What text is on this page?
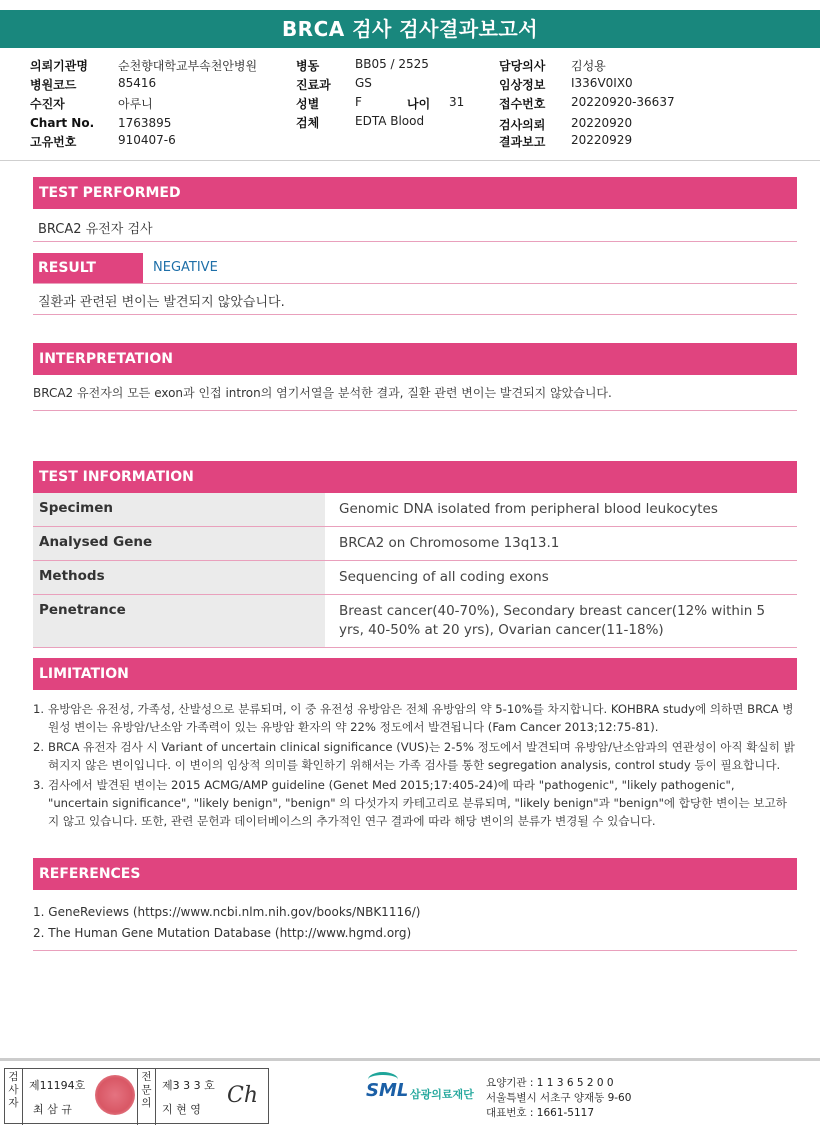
BRCA 검사 검사결과보고서
의뢰기관명	순천향대학교부속천안병원
병원코드	85416
수진자	아루니
Chart No. 1763895
고유번호	910407-6
병동	BB05 / 2525
진료과 GS
성별	F	나이 31
검체	EDTA Blood
담당의사 김성용
임상정보 I336V0IX0
접수번호 20220920-36637
검사의뢰 20220920
결과보고 20220929
TEST PERFORMED
BRCA2 유전자 검사
RESULT	NEGATIVE
질환과 관련된 변이는 발견되지 않았습니다.
INTERPRETATION
BRCA2 유전자의 모든 exon과 인접 intron의 염기서열을 분석한 결과, 질환 관련 변이는 발견되지 않았습니다.
TEST INFORMATION
Specimen	Genomic DNA isolated from peripheral blood leukocytes
Analysed Gene	BRCA2 on Chromosome 13q13.1
Methods	Sequencing of all coding exons
Penetrance	Breast cancer(40-70%), Secondary breast cancer(12% within 5 yrs, 40-50% at 20 yrs), Ovarian cancer(11-18%)
LIMITATION
1. 유방암은 유전성, 가족성, 산발성으로 분류되며, 이 중 유전성 유방암은 전체 유방암의 약 5-10%를 차지합니다. KOHBRA study에 의하면 BRCA 병원성 변이는 유방암/난소암 가족력이 있는 유방암 환자의 약 22% 정도에서 발견됩니다 (Fam Cancer 2013;12:75-81).
2. BRCA 유전자 검사 시 Variant of uncertain clinical significance (VUS)는 2-5% 정도에서 발견되며 유방암/난소암과의 연관성이 아직 확실히 밝혀지지 않은 변이입니다. 이 변이의 임상적 의미를 확인하기 위해서는 가족 검사를 통한 segregation analysis, control study 등이 필요합니다.
3. 검사에서 발견된 변이는 2015 ACMG/AMP guideline (Genet Med 2015;17:405-24)에 따라 "pathogenic", "likely pathogenic", "uncertain significance", "likely benign", "benign" 의 다섯가지 카테고리로 분류되며, "likely benign"과 "benign"에 합당한 변이는 보고하지 않고 있습니다. 또한, 관련 문헌과 데이터베이스의 추가적인 연구 결과에 따라 해당 변이의 분류가 변경될 수 있습니다.
REFERENCES
1. GeneReviews (https://www.ncbi.nlm.nih.gov/books/NBK1116/)
2. The Human Gene Mutation Database (http://www.hgmd.org)
검사자
제11194호
최 삼 규
전문의
제3 3 3 호
지 현 영
Ch	SML 삼광의료재단
요양기관 : 1 1 3 6 5 2 0 0
서울특별시 서초구 양재동 9-60
대표번호 : 1661-5117
